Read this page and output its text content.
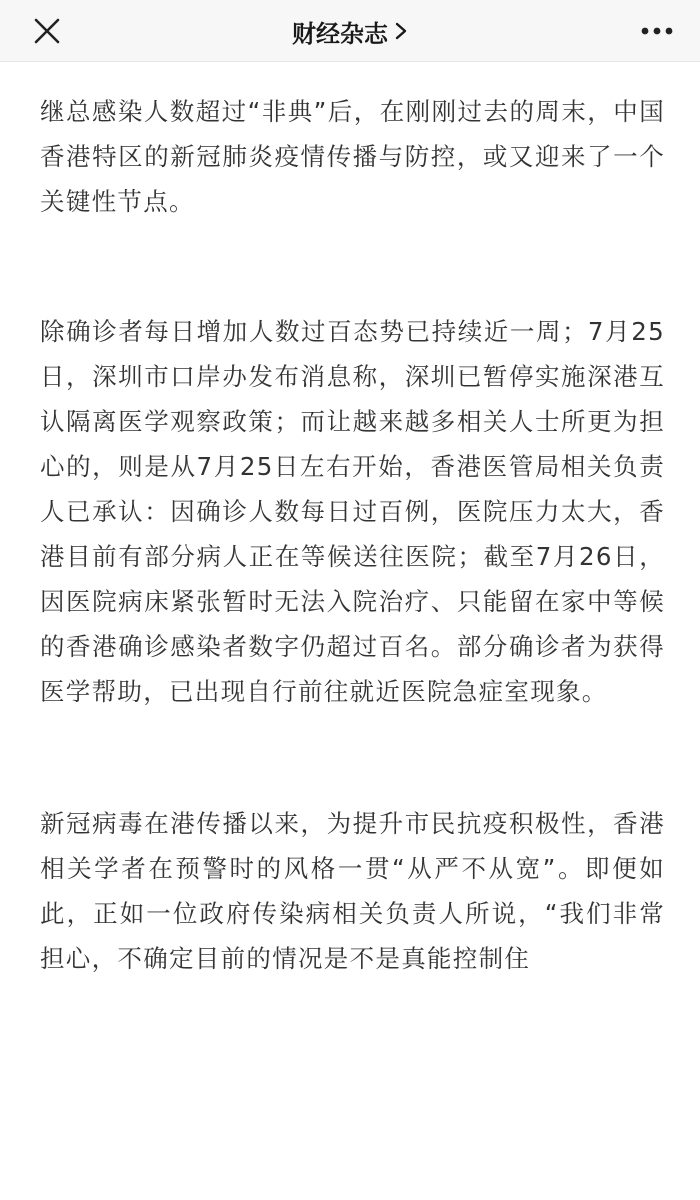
财经杂志

继总感染人数超过“非典”后，在刚刚过去的周末，中国香港特区的新冠肺炎疫情传播与防控，或又迎来了一个关键性节点。

除确诊者每日增加人数过百态势已持续近一周；7月25日，深圳市口岸办发布消息称，深圳已暂停实施深港互认隔离医学观察政策；而让越来越多相关人士所更为担心的，则是从7月25日左右开始，香港医管局相关负责人已承认：因确诊人数每日过百例，医院压力太大，香港目前有部分病人正在等候送往医院；截至7月26日，因医院病床紧张暂时无法入院治疗、只能留在家中等候的香港确诊感染者数字仍超过百名。部分确诊者为获得医学帮助，已出现自行前往就近医院急症室现象。

新冠病毒在港传播以来，为提升市民抗疫积极性，香港相关学者在预警时的风格一贯“从严不从宽”。即便如此，正如一位政府传染病相关负责人所说，“我们非常担心，不确定目前的情况是不是真能控制住
